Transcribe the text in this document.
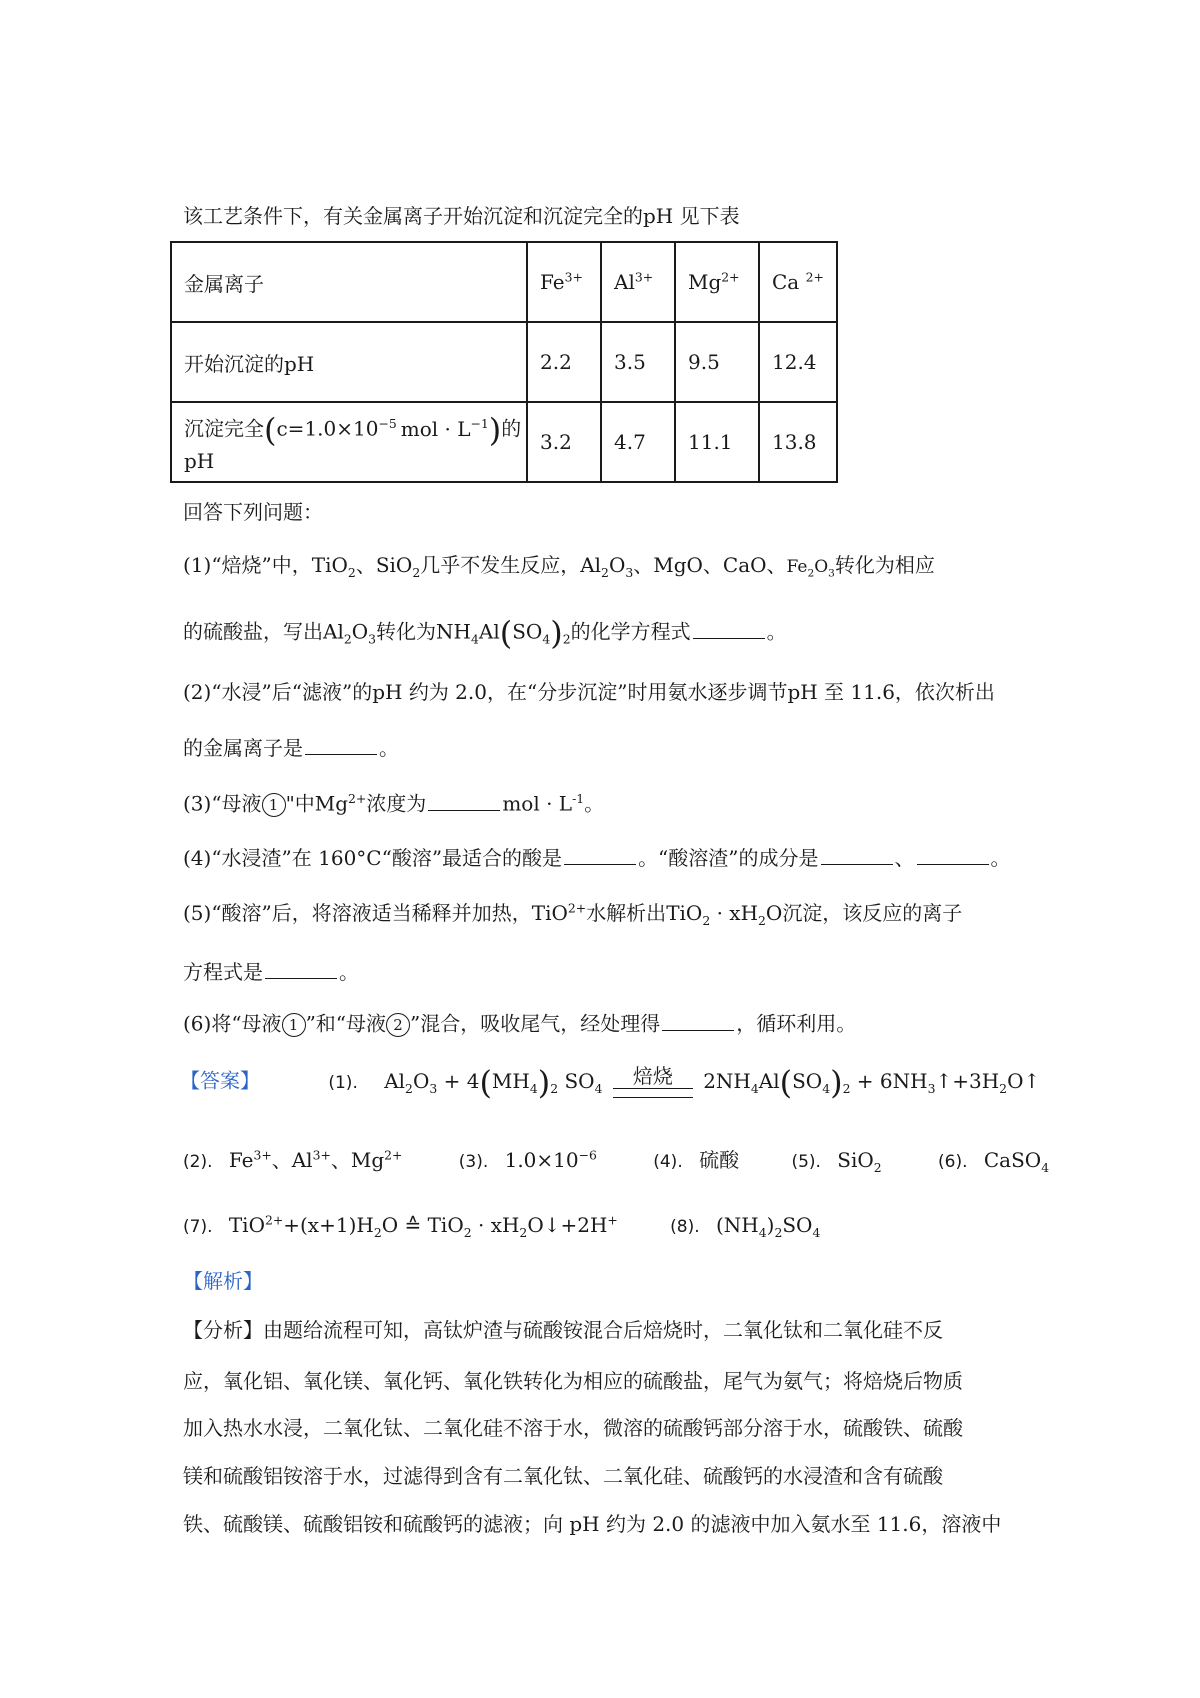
该工艺条件下，有关金属离子开始沉淀和沉淀完全的pH 见下表
金属离子	$Fe^{3+}$	$Al^{3+}$	$Mg^{2+}$	Ca $^{2+}$
开始沉淀的pH	2.2	3.5	9.5	12.4
沉淀完全($c=1.0\times 10^{-5}$ mol · $L^{-1}$)的pH	3.2	4.7	11.1	13.8
回答下列问题：
(1)“焙烧”中，TiO$_2$、SiO$_2$几乎不发生反应，$Al_2O_3$、MgO、CaO、$Fe_2O_3$转化为相应
的硫酸盐，写出$Al_2O_3$转化为$NH_4Al(SO_4)_2$的化学方程式	。
(2)“水浸”后“滤液”的pH 约为 2.0，在“分步沉淀”时用氨水逐步调节pH 至 11.6，依次析出
的金属离子是	。
(3)“母液 1 "中$Mg^{2+}$浓度为	mol · $L^{-1}$。
(4)“水浸渣”在 160°C“酸溶”最适合的酸是	。“酸溶渣”的成分是	、	。
(5)“酸溶”后，将溶液适当稀释并加热，TiO$^{2+}$水解析出$TiO_2 \cdot xH_2O$沉淀，该反应的离子
方程式是	。
(6)将“母液 1 ”和“母液 2 ”混合，吸收尾气，经处理得	，循环利用。
【答案】	(1). $Al_2O_3 + 4(MH_4)_2$ $SO_4$	焙烧	$2NH_4Al(SO_4)_2$ + $6NH_3↑+3H_2O↑$
(2). $Fe^{3+}$、$Al^{3+}$、$Mg^{2+}$	(3). $1.0\times 10^{-6}$	(4). 硫酸	(5). SiO$_2$	(6). CaSO$_4$
(7). $TiO^{2+}+(x+1)H_2O$ ≙ $TiO_2 \cdot xH_2O↓+2H^+$	(8). $(NH_4)_2SO_4$
【解析】
【分析】由题给流程可知，高钛炉渣与硫酸铵混合后焙烧时，二氧化钛和二氧化硅不反
应，氧化铝、氧化镁、氧化钙、氧化铁转化为相应的硫酸盐，尾气为氨气；将焙烧后物质
加入热水水浸，二氧化钛、二氧化硅不溶于水，微溶的硫酸钙部分溶于水，硫酸铁、硫酸
镁和硫酸铝铵溶于水，过滤得到含有二氧化钛、二氧化硅、硫酸钙的水浸渣和含有硫酸
铁、硫酸镁、硫酸铝铵和硫酸钙的滤液；向 pH 约为 2.0 的滤液中加入氨水至 11.6，溶液中
